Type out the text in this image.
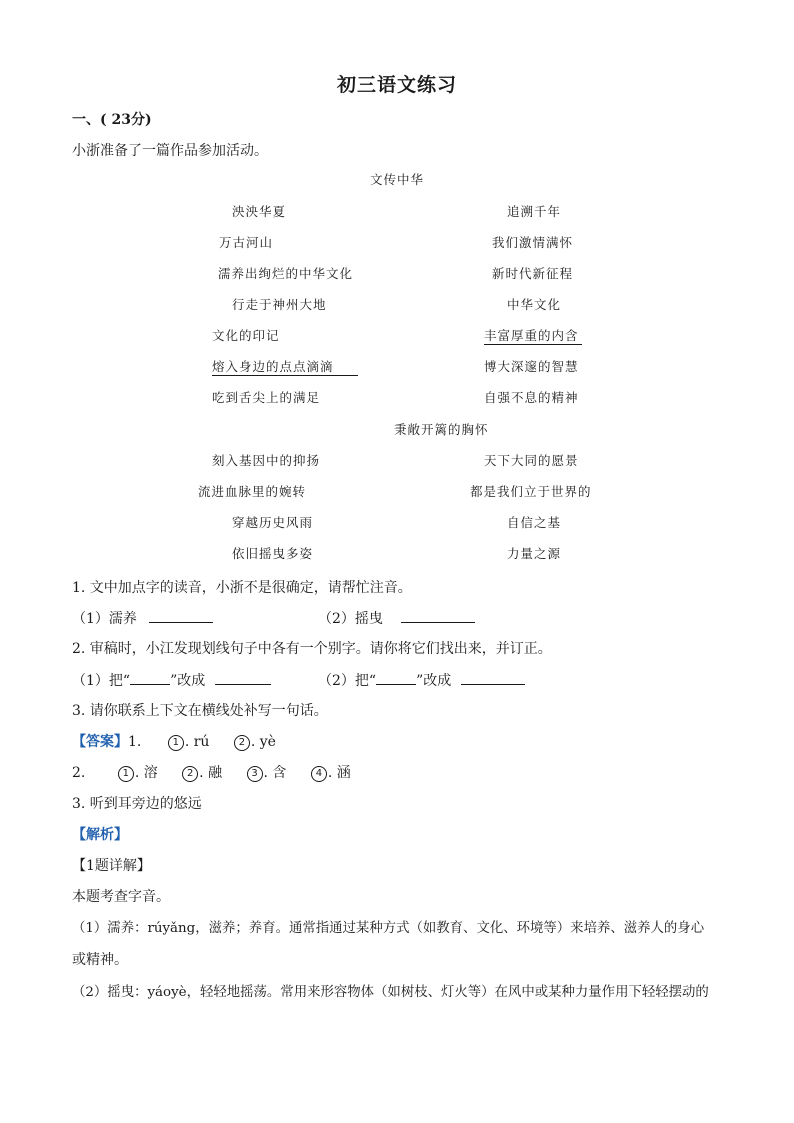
初三语文练习
一、( 23分)
小浙准备了一篇作品参加活动。
文传中华
泱泱华夏
万古河山
濡养出绚烂的中华文化
行走于神州大地
文化的印记
熔入身边的点点滴滴
吃到舌尖上的满足
追溯千年
我们激情满怀
新时代新征程
中华文化
丰富厚重的内含
博大深邃的智慧
自强不息的精神
秉敞开篱的胸怀
刻入基因中的抑扬
流进血脉里的婉转
穿越历史风雨
依旧摇曳多姿
天下大同的愿景
都是我们立于世界的
自信之基
力量之源
1. 文中加点字的读音，小浙不是很确定，请帮忙注音。
（1）濡养	（2）摇曳
2. 审稿时，小江发现划线句子中各有一个别字。请你将它们找出来，并订正。
（1）把“	”改成	（2）把“	”改成
3. 请你联系上下文在横线处补写一句话。
【答案】1.	1 . rú	2 . yè
2.	1 . 溶	2 . 融	3 . 含	4 . 涵
3. 听到耳旁边的悠远
【解析】
【1题详解】
本题考查字音。
（1）濡养：rúyǎng，滋养；养育。通常指通过某种方式（如教育、文化、环境等）来培养、滋养人的身心
或精神。
（2）摇曳：yáoyè，轻轻地摇荡。常用来形容物体（如树枝、灯火等）在风中或某种力量作用下轻轻摆动的
